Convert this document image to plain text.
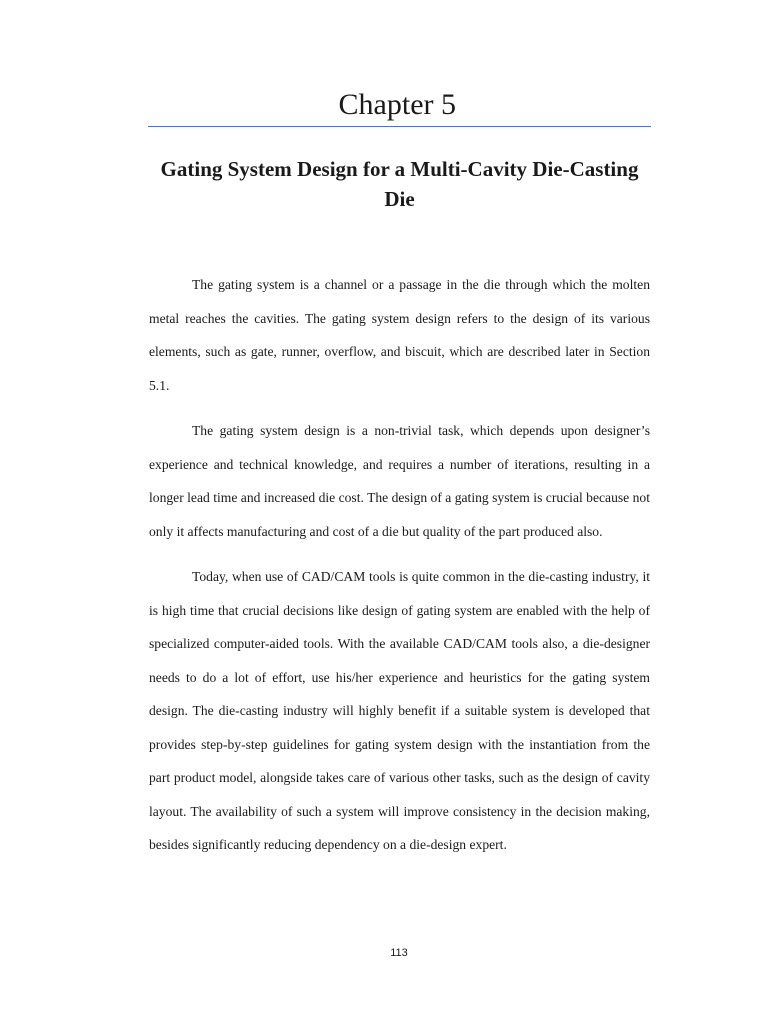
Chapter 5
Gating System Design for a Multi-Cavity Die-Casting Die

The gating system is a channel or a passage in the die through which the molten metal reaches the cavities. The gating system design refers to the design of its various elements, such as gate, runner, overflow, and biscuit, which are described later in Section 5.1.

The gating system design is a non-trivial task, which depends upon designer’s experience and technical knowledge, and requires a number of iterations, resulting in a longer lead time and increased die cost. The design of a gating system is crucial because not only it affects manufacturing and cost of a die but quality of the part produced also.

Today, when use of CAD/CAM tools is quite common in the die-casting industry, it is high time that crucial decisions like design of gating system are enabled with the help of specialized computer-aided tools. With the available CAD/CAM tools also, a die-designer needs to do a lot of effort, use his/her experience and heuristics for the gating system design. The die-casting industry will highly benefit if a suitable system is developed that provides step-by-step guidelines for gating system design with the instantiation from the part product model, alongside takes care of various other tasks, such as the design of cavity layout. The availability of such a system will improve consistency in the decision making, besides significantly reducing dependency on a die-design expert.

113
